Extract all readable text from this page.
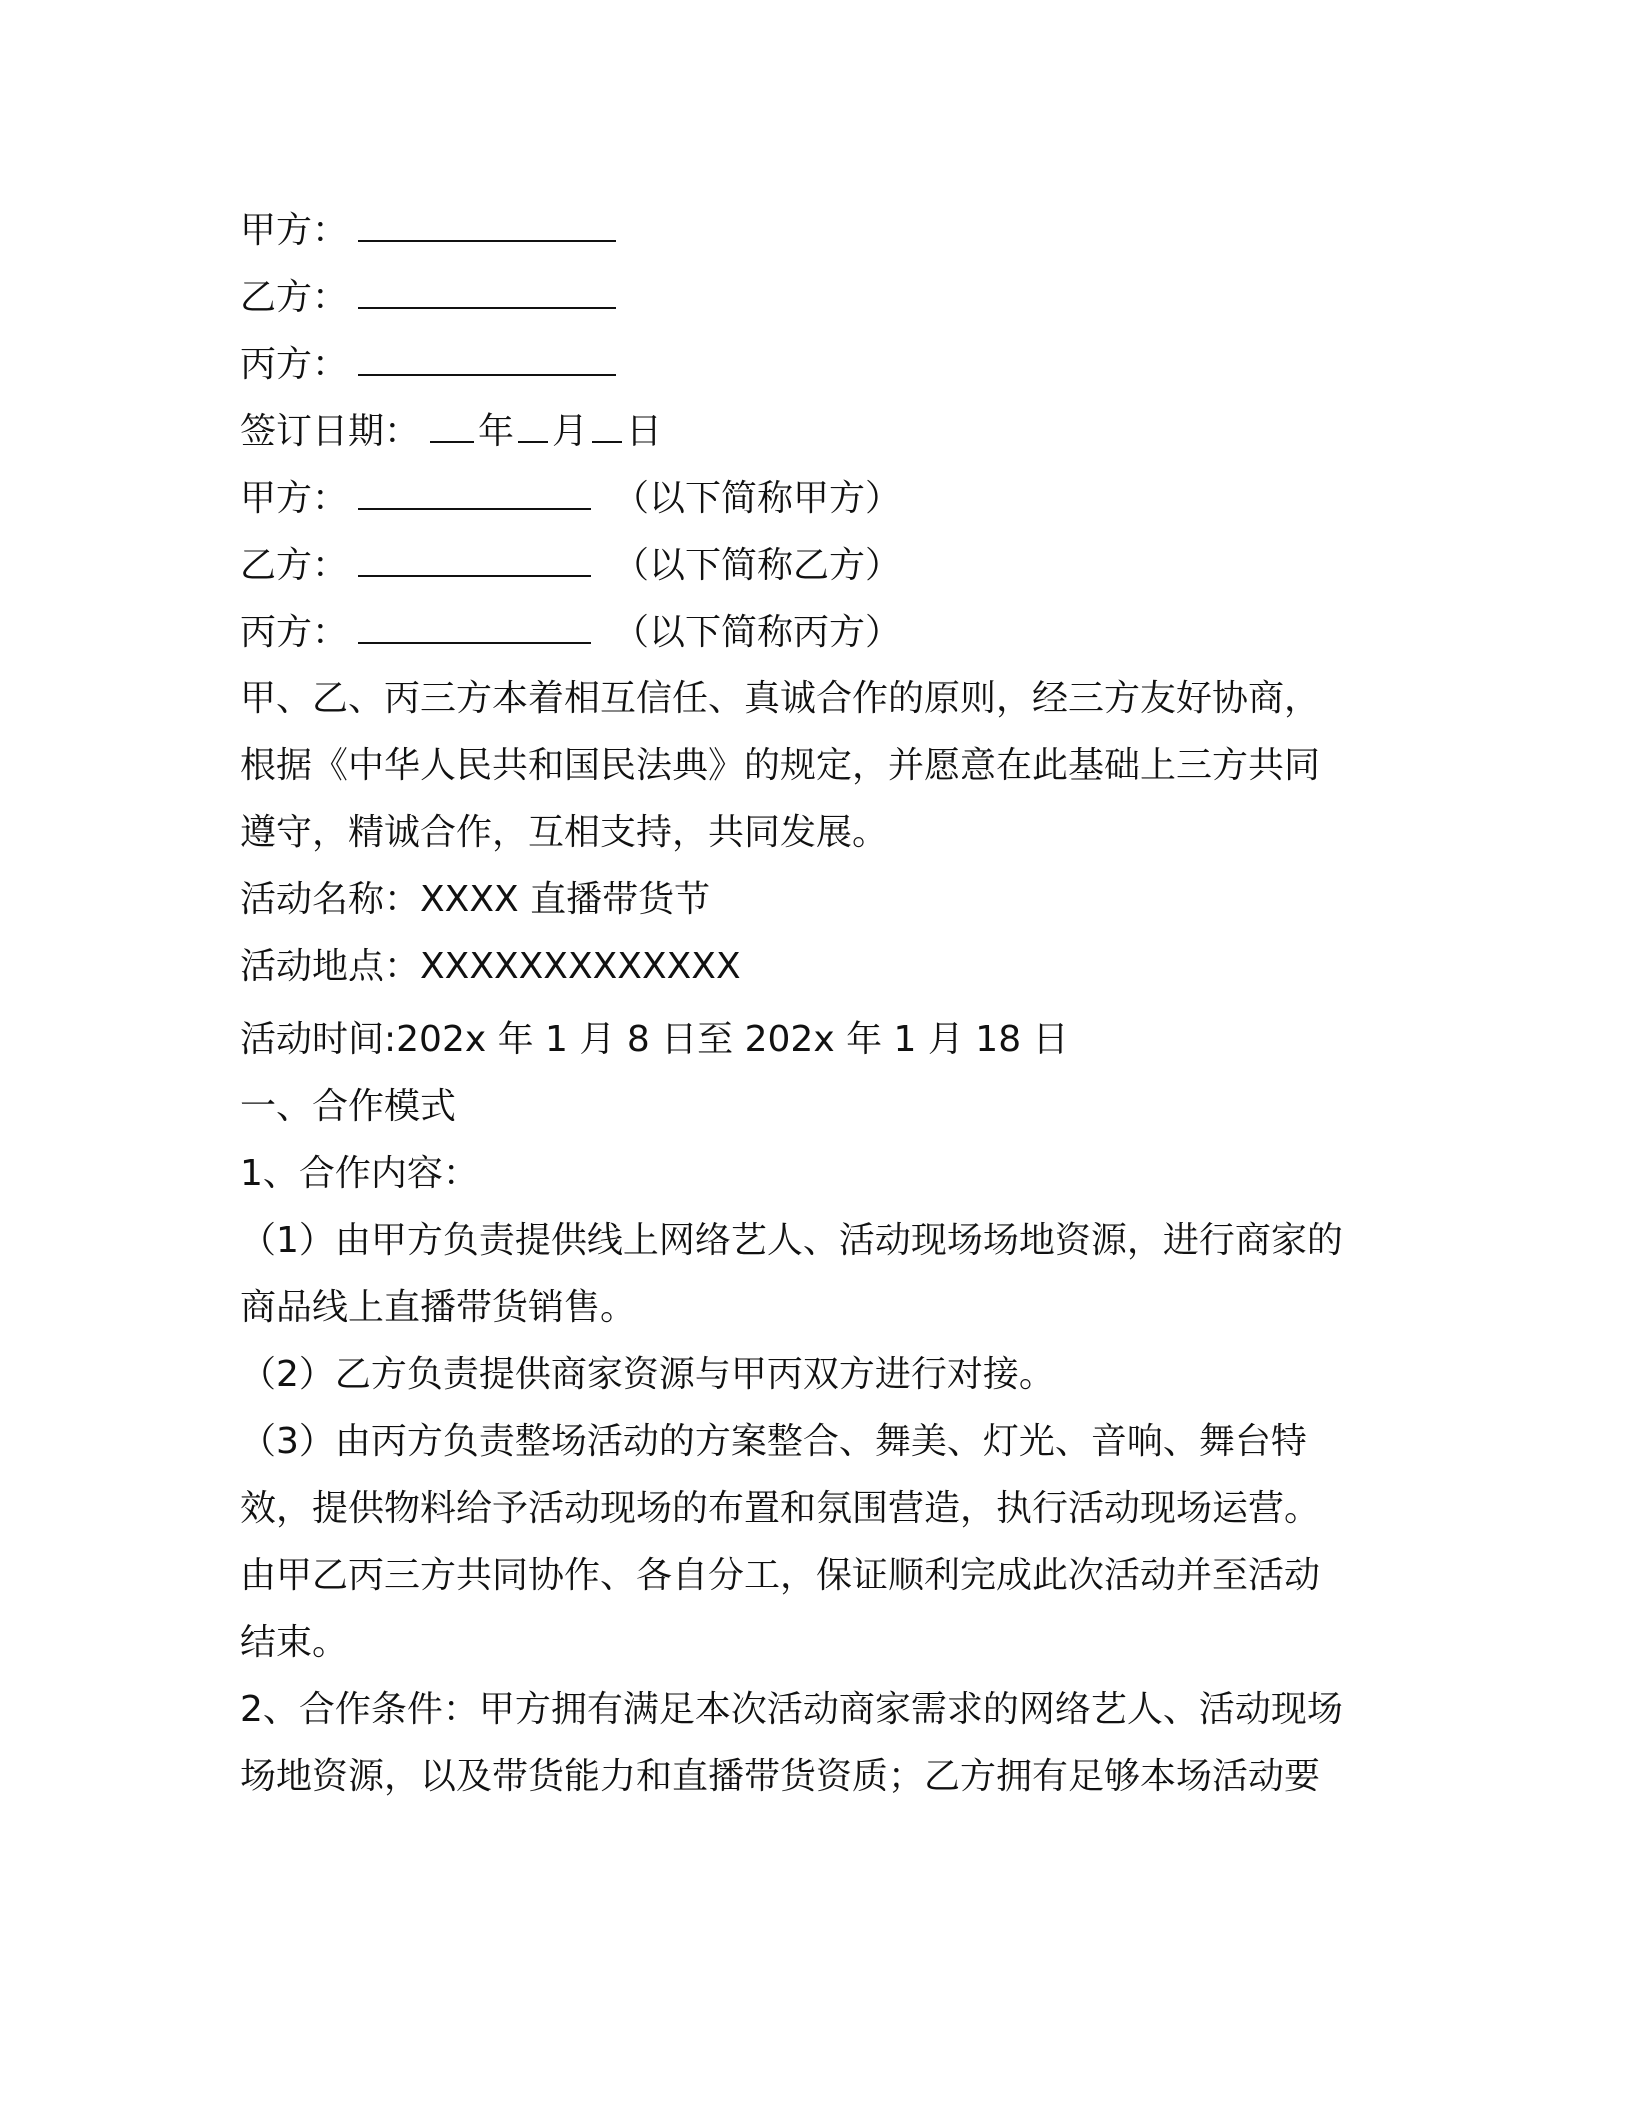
甲方：
乙方：
丙方：
签订日期： 年 月 日
甲方：	（以下简称甲方）
乙方：	（以下简称乙方）
丙方：	（以下简称丙方）
甲、乙、丙三方本着相互信任、真诚合作的原则，经三方友好协商，
根据《中华人民共和国民法典》的规定，并愿意在此基础上三方共同
遵守，精诚合作，互相支持，共同发展。
活动名称：XXXX 直播带货节
活动地点：XXXXXXXXXXXXX
活动时间:202x 年 1 月 8 日至 202x 年 1 月 18 日
一、合作模式
1、合作内容：
（1）由甲方负责提供线上网络艺人、活动现场场地资源，进行商家的
商品线上直播带货销售。
（2）乙方负责提供商家资源与甲丙双方进行对接。
（3）由丙方负责整场活动的方案整合、舞美、灯光、音响、舞台特
效，提供物料给予活动现场的布置和氛围营造，执行活动现场运营。
由甲乙丙三方共同协作、各自分工，保证顺利完成此次活动并至活动
结束。
2、合作条件：甲方拥有满足本次活动商家需求的网络艺人、活动现场
场地资源，以及带货能力和直播带货资质；乙方拥有足够本场活动要
